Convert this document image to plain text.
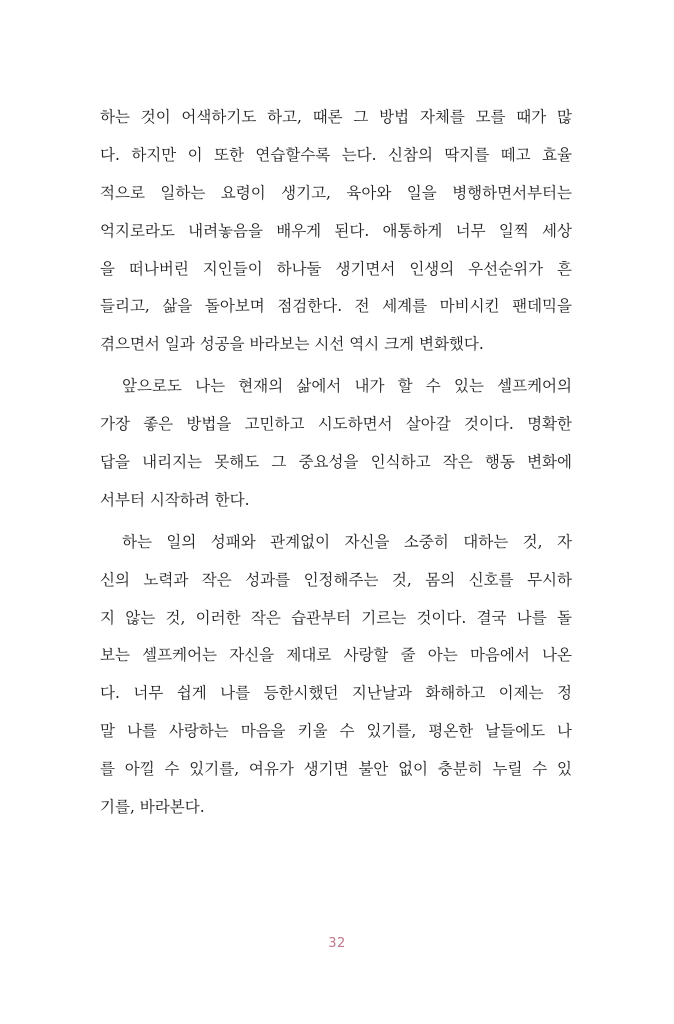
하는 것이 어색하기도 하고, 때론 그 방법 자체를 모를 때가 많
다. 하지만 이 또한 연습할수록 는다. 신참의 딱지를 떼고 효율
적으로 일하는 요령이 생기고, 육아와 일을 병행하면서부터는
억지로라도 내려놓음을 배우게 된다. 애통하게 너무 일찍 세상
을 떠나버린 지인들이 하나둘 생기면서 인생의 우선순위가 흔
들리고, 삶을 돌아보며 점검한다. 전 세계를 마비시킨 팬데믹을
겪으면서 일과 성공을 바라보는 시선 역시 크게 변화했다.
앞으로도 나는 현재의 삶에서 내가 할 수 있는 셀프케어의
가장 좋은 방법을 고민하고 시도하면서 살아갈 것이다. 명확한
답을 내리지는 못해도 그 중요성을 인식하고 작은 행동 변화에
서부터 시작하려 한다.
하는 일의 성패와 관계없이 자신을 소중히 대하는 것, 자
신의 노력과 작은 성과를 인정해주는 것, 몸의 신호를 무시하
지 않는 것, 이러한 작은 습관부터 기르는 것이다. 결국 나를 돌
보는 셀프케어는 자신을 제대로 사랑할 줄 아는 마음에서 나온
다. 너무 쉽게 나를 등한시했던 지난날과 화해하고 이제는 정
말 나를 사랑하는 마음을 키울 수 있기를, 평온한 날들에도 나
를 아낄 수 있기를, 여유가 생기면 불안 없이 충분히 누릴 수 있
기를, 바라본다.
32
